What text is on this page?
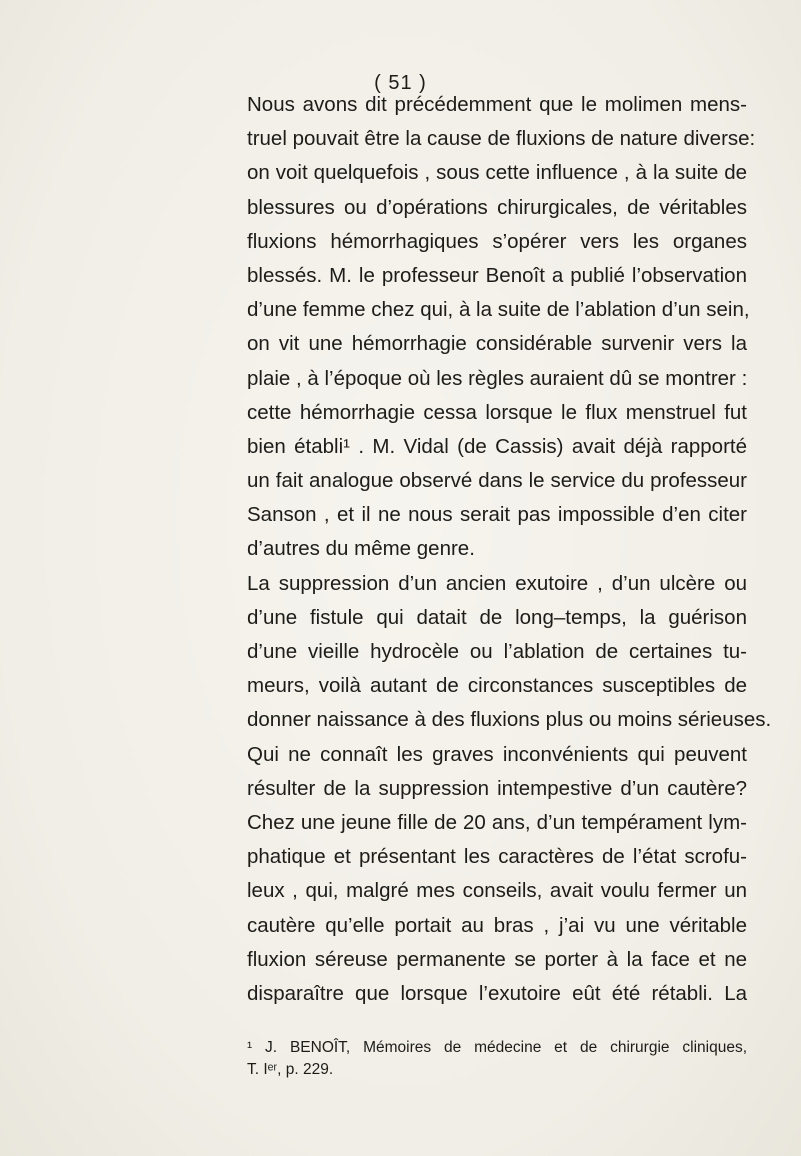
( 51 )
Nous avons dit précédemment que le molimen mens-
truel pouvait être la cause de fluxions de nature diverse:
on voit quelquefois , sous cette influence , à la suite de
blessures ou d’opérations chirurgicales, de véritables
fluxions hémorrhagiques s’opérer vers les organes
blessés. M. le professeur Benoît a publié l’observation
d’une femme chez qui, à la suite de l’ablation d’un sein,
on vit une hémorrhagie considérable survenir vers la
plaie , à l’époque où les règles auraient dû se montrer :
cette hémorrhagie cessa lorsque le flux menstruel fut
bien établi¹ . M. Vidal (de Cassis) avait déjà rapporté
un fait analogue observé dans le service du professeur
Sanson , et il ne nous serait pas impossible d’en citer
d’autres du même genre.
La suppression d’un ancien exutoire , d’un ulcère ou
d’une fistule qui datait de long–temps, la guérison
d’une vieille hydrocèle ou l’ablation de certaines tu-
meurs, voilà autant de circonstances susceptibles de
donner naissance à des fluxions plus ou moins sérieuses.
Qui ne connaît les graves inconvénients qui peuvent
résulter de la suppression intempestive d’un cautère?
Chez une jeune fille de 20 ans, d’un tempérament lym-
phatique et présentant les caractères de l’état scrofu-
leux , qui, malgré mes conseils, avait voulu fermer un
cautère qu’elle portait au bras , j’ai vu une véritable
fluxion séreuse permanente se porter à la face et ne
disparaître que lorsque l’exutoire eût été rétabli. La
¹ J. BENOÎT, Mémoires de médecine et de chirurgie cliniques,
T. Iᵉʳ, p. 229.
